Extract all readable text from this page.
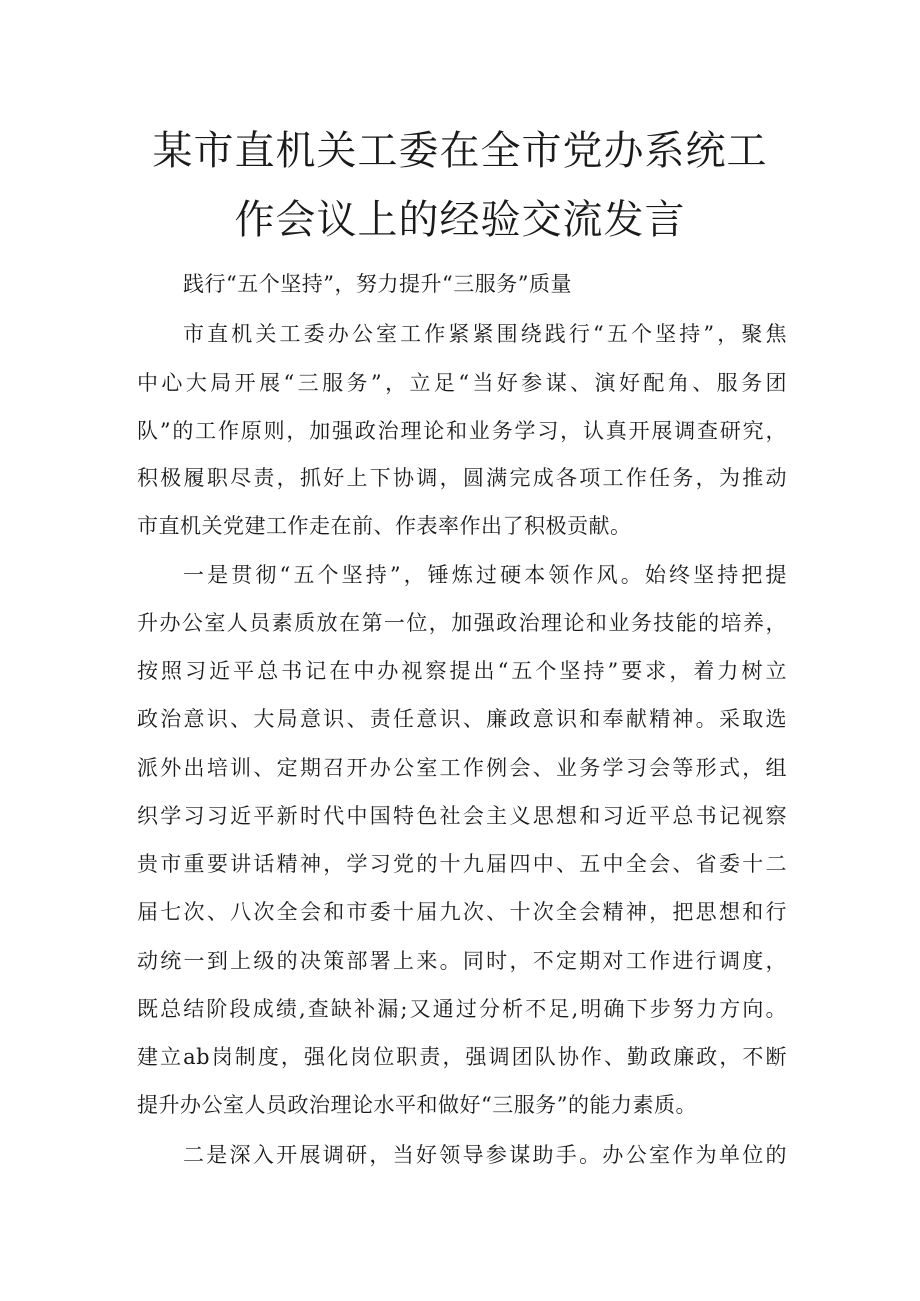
某市直机关工委在全市党办系统工
作会议上的经验交流发言
践行“五个坚持”，努力提升“三服务”质量
市直机关工委办公室工作紧紧围绕践行“五个坚持”，聚焦
中心大局开展“三服务”，立足“当好参谋、演好配角、服务团
队”的工作原则，加强政治理论和业务学习，认真开展调查研究，
积极履职尽责，抓好上下协调，圆满完成各项工作任务，为推动
市直机关党建工作走在前、作表率作出了积极贡献。
一是贯彻“五个坚持”，锤炼过硬本领作风。始终坚持把提
升办公室人员素质放在第一位，加强政治理论和业务技能的培养，
按照习近平总书记在中办视察提出“五个坚持”要求，着力树立
政治意识、大局意识、责任意识、廉政意识和奉献精神。采取选
派外出培训、定期召开办公室工作例会、业务学习会等形式，组
织学习习近平新时代中国特色社会主义思想和习近平总书记视察
贵市重要讲话精神，学习党的十九届四中、五中全会、省委十二
届七次、八次全会和市委十届九次、十次全会精神，把思想和行
动统一到上级的决策部署上来。同时，不定期对工作进行调度，
既总结阶段成绩,查缺补漏;又通过分析不足,明确下步努力方向。
建立ab岗制度，强化岗位职责，强调团队协作、勤政廉政，不断
提升办公室人员政治理论水平和做好“三服务”的能力素质。
二是深入开展调研，当好领导参谋助手。办公室作为单位的
